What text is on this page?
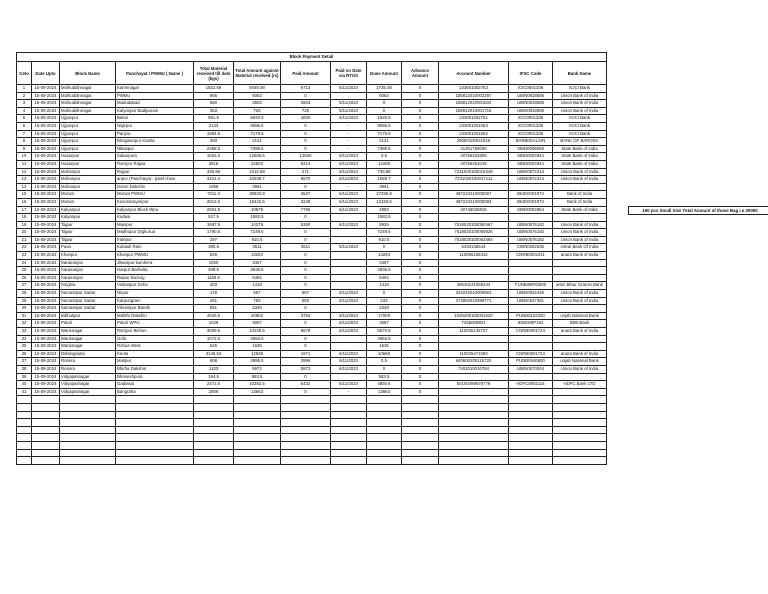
Block Payment Detail												
S.No	Date Upto	Block Name	Panchayat / PWMU ( Name )	Total Material received till date (kgs)	Total Amount against Material received (rs)	Paid Amount	Paid on Date via RTGS	Dues Amount	Advance Amount	Account Number	IFSC Code	Bank Name
1	15-09-2024	Mohiuddinnagar	Karimnagar	1822.69	9448.48	6713	6/11/2023	2735.48	0	133601002753	ICIC0001336	ICICI Bank
2	15-09-2024	Mohiuddinnagar	PWMu	985	6063	0		6063	0	185812010002297	UBIN0818585	Union Bank of India
3	15-09-2024	Mohiuddinnagar	Madudabad	680	3503	3503	6/11/2023	0	0	185812010001634	UBIN0818585	Union Bank of India
4	15-09-2024	Mohiuddinnagar	Kalyanpur Badipuram	363	726	726	6/11/2023	0	0	185812010001715	UBIN0818585	Union Bank of India
5	15-09-2024	Ujiyarpur	Belari	981.5	5920.5	4000	6/11/2023	1920.5	0	133601002751	ICIC0001336	ICICI Bank
6	15-09-2024	Ujiyarpur	Najirpur	2133	9086.5	0	-	9086.5	0	133601001063	ICIC0001336	ICICI Bank
7	15-09-2024	Ujiyarpur	Panjna	1884.5	7179.5	0	-	7179.5	0	133601001062	ICIC0001336	ICICI Bank
8	15-09-2024	Ujiyarpur	Bhagwanpur Kamla	393	2121	0	-	2121	0	29050100021816	BARB0DALSIN	BANK OF BARODA
9	15-09-2024	Ujiyarpur	Nikaspur	2368.5	7389.5	0	-	7389.5	0	41351758030	SBIN0006059	State Bank of India
10	15-09-2024	Hasanpur	Sakarpura	1563.3	12666.6	12666	6/11/2023	0.6	0	40756334809	SBIN0002944	State Bank of India
11	15-09-2024	Hasanpur	Rampur Rajwa	3818	22502	8214	6/11/2023	14288	0	40756254049	SBIN0002944	State Bank of India
12	15-09-2024	Mohanpur	Rajpur	336.96	1010.88	271	6/11/2023	739.88	0	7231020100016349	UBIN0572314	Union Bank of India
13	15-09-2024	Mohanpur	anpur (Panchayat - patel chow	3421.4	10239.7	8570	6/11/2023	1669.7	0	7231020100017111	UBIN0572314	Union Bank of India
14	15-09-2024	Mohanpur	Dumri Dakshin	1059	3961	0	-	3961	0			
15	15-09-2024	Morwa	Morwa PWMU	7011.3	30833.9	3537	6/11/2023	27296.9	0	497210210000087	BKID0004972	Bank of India
16	15-09-2024	Morwa	Kesonarayanpur	2812.5	15442.5	3249	6/11/2023	12193.5	0	497210210000083	BKID0004972	Bank of India
17	15-09-2024	Kalyanpur	Kalyanpur Block Wpu	2501.5	10679	7796	6/11/2023	2883	0	40746036815	SBIN0002954	State Bank of India
18	15-09-2024	Kalyanpur	Kudwa	527.5	1582.5	0		1582.5	0			
19	15-09-2024	Tajpur	Manipur	3697.5	14279	5350	6/11/2023	8929	0	7618020100050467	UBIN0576182	Union Bank of India
20	15-09-2024	Tajpur	Madhopur Dighurua	1790.5	7249.5	0		7249.5	0	7618020100050826	UBIN0576182	Union Bank of India
21	15-09-2024	Tajpur	Fatepur	297	910.5	0		910.5	0	7618020100053484	UBIN0576182	Union Bank of India
22	15-09-2024	Pusa	Kubauli Ram	390.8	3511	3511	6/11/2023	0	0	5194135643	CBIN0282536	entral Bank Of India
23	15-09-2024	Khanpur	Khanpur PWMU	849	13293	0		13293	0	110095158412	CNRB0002311	anara Bank of India
24	15-09-2024	Sarairanjan	Jitwarpur kumhera	1050	3457	0		3457	0			
25	15-09-2024	Sarairanjan	Harpur Barhetta	489.5	4836.5	0		4836.5	0			
26	15-09-2024	Sarairanjan	Raipur Buzurg	1169.5	5494	0		5494	0			
27	15-09-2024	Singhia	Vishanpur Doha	403	1419	0		1419	0	39540131055244	FUNB0BRGB06	amin Bihar Gramin Bank
28	15-09-2024	Samastipur Sadar	Nirpur	178	667	667	6/11/2023	0	0	324222010000663	UBIN0932426	Union Bank of India
29	15-09-2024	Samastipur Sadar	Karpurigram	261	783	550	6/11/2023	233	0	373802010898771	UBIN0537381	Union Bank of India
30	15-09-2024	Samastipur Sadar	Vikrampur Bande	651	2349	0		2349	0			
31	15-09-2024	Bibhutipur	Mahthi Dakshin	4626.5	20802	3793	6/11/2023	17009	0	1025200100001520	PUNB0102320	unjab National Bank
32	15-09-2024	Patori	Patori WPU	1029	3087	0	6/11/2023	3087	0	7455000801	IDIB000P194	IDBI Bank
33	15-09-2024	Warisnagar	Rampur Bishun	3009.5	14248.5	8678	6/11/2023	5570.5	0	110035145737	CNRB0001724	anara Bank of India
34	15-09-2024	Warisnagar	Gohi	1072.5	4953.5	0		4953.5	0			
35	15-09-2024	Warisnagar	Rohua West	545	1635	0		1635	0			
36	15-09-2024	Dalsingsarai	Keota	3145.52	12639	1971	6/11/2023	10668	0	110035471093	CNRB0001724	anara Bank of India
37	15-09-2024	Rosera	Motipur	908	3995.5	3995	6/11/2023	0.5	0	640600200115720	PUNB0640600	unjab National Bank
38	15-09-2024	Rosera	Bhirha Dakshin	1133	5972	5972	6/11/2023	0	0	7402010010784	UBIN0570044	Union Bank of India
39	15-09-2024	Vidyapatinagar	Bhaneshpura	194.5	583.5	0		583.5	0			
40	15-09-2024	Vidyapatinagar	Gadiasai	2472.5	10282.5	5432	6/11/2023	4850.5	0	50100499679779	HDFC0002114	HDFC Bank LTD
41	15-09-2024	Vidyapatinagar	Bangraha	2809	13663	0	-	13663	0			

100 pcs Small Size Total Amount of those Bag i.e 20000
